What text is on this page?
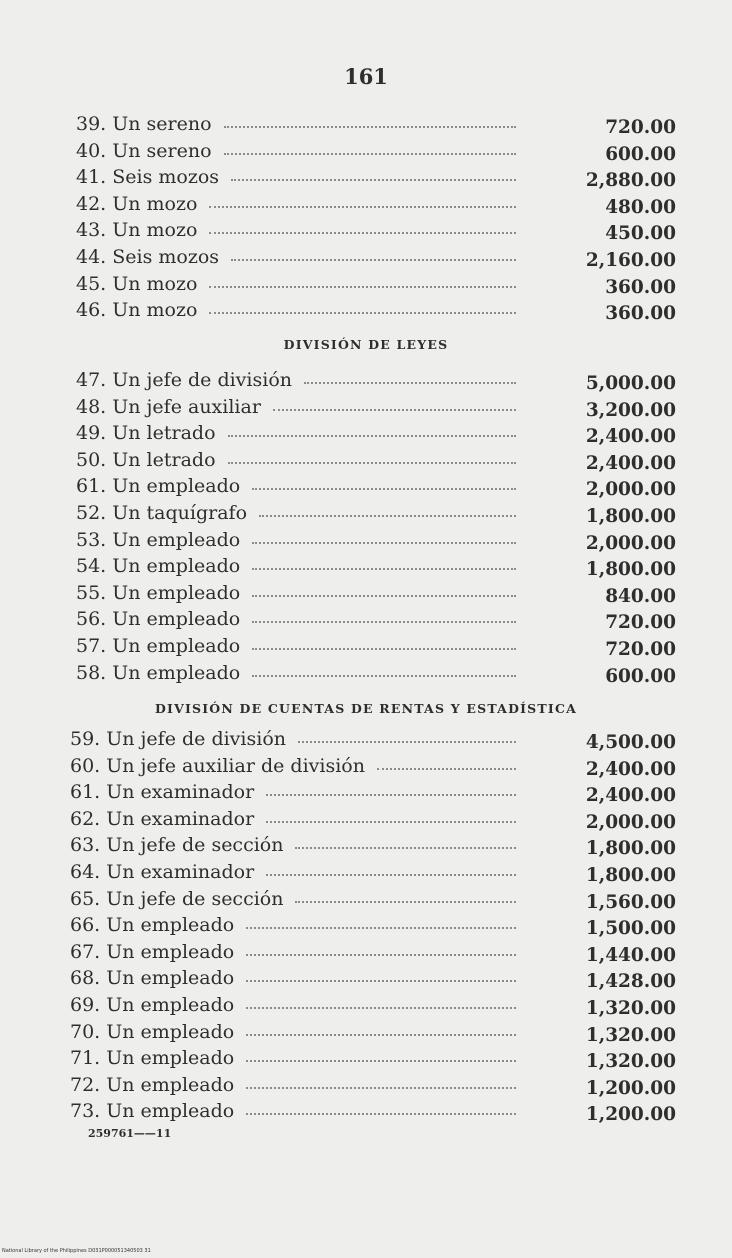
161
39. Un sereno	720.00
40. Un sereno	600.00
41. Seis mozos	2,880.00
42. Un mozo	480.00
43. Un mozo	450.00
44. Seis mozos	2,160.00
45. Un mozo	360.00
46. Un mozo	360.00
DIVISIÓN DE LEYES
47. Un jefe de división	5,000.00
48. Un jefe auxiliar	3,200.00
49. Un letrado	2,400.00
50. Un letrado	2,400.00
61. Un empleado	2,000.00
52. Un taquígrafo	1,800.00
53. Un empleado	2,000.00
54. Un empleado	1,800.00
55. Un empleado	840.00
56. Un empleado	720.00
57. Un empleado	720.00
58. Un empleado	600.00
DIVISIÓN DE CUENTAS DE RENTAS Y ESTADÍSTICA
59. Un jefe de división	4,500.00
60. Un jefe auxiliar de división	2,400.00
61. Un examinador	2,400.00
62. Un examinador	2,000.00
63. Un jefe de sección	1,800.00
64. Un examinador	1,800.00
65. Un jefe de sección	1,560.00
66. Un empleado	1,500.00
67. Un empleado	1,440.00
68. Un empleado	1,428.00
69. Un empleado	1,320.00
70. Un empleado	1,320.00
71. Un empleado	1,320.00
72. Un empleado	1,200.00
73. Un empleado	1,200.00
259761——11
National Library of the Philippines D031P000051340503 31
